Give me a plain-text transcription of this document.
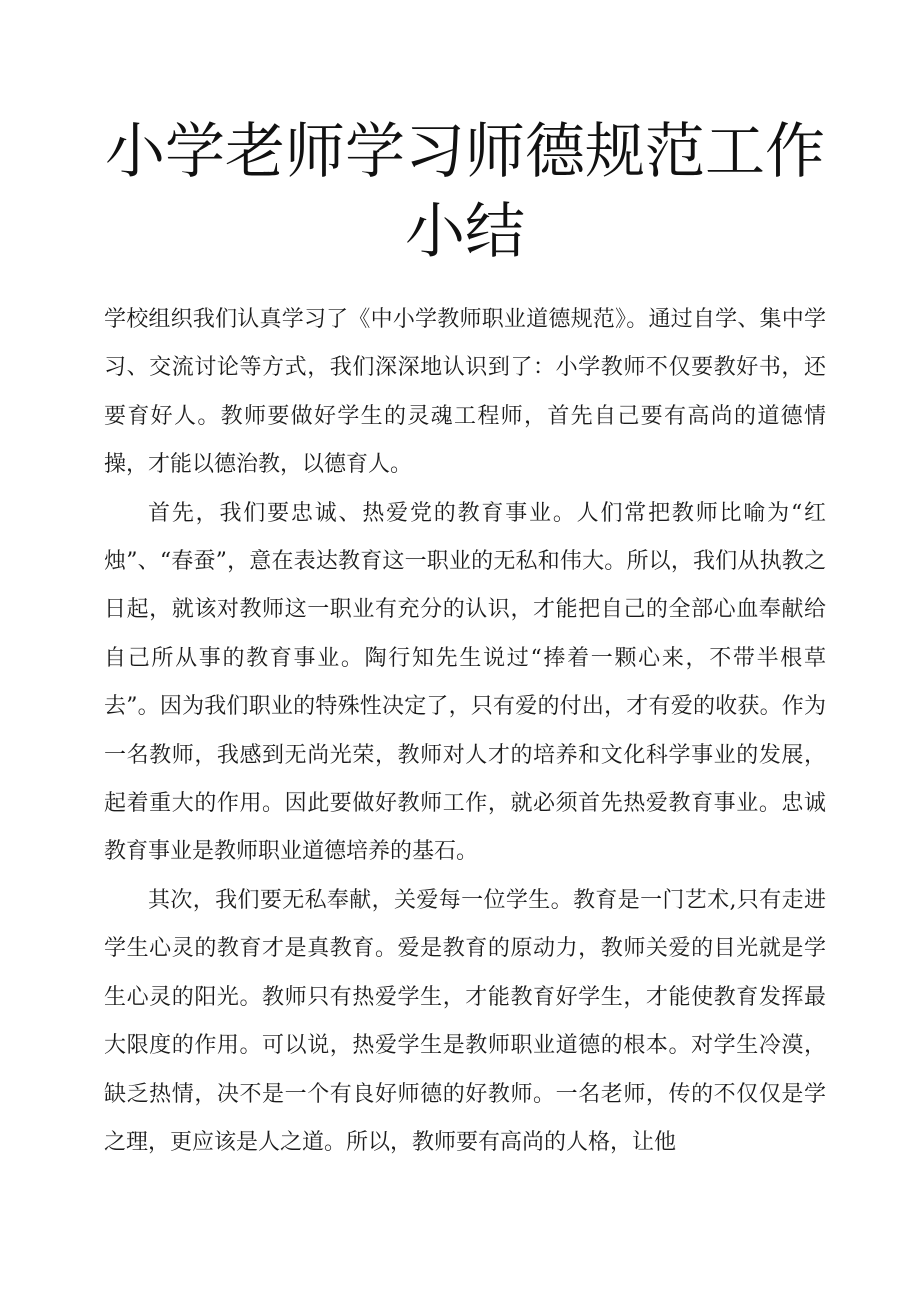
小学老师学习师德规范工作小结

学校组织我们认真学习了《中小学教师职业道德规范》。通过自学、集中学习、交流讨论等方式，我们深深地认识到了：小学教师不仅要教好书，还要育好人。教师要做好学生的灵魂工程师，首先自己要有高尚的道德情操，才能以德治教，以德育人。

首先，我们要忠诚、热爱党的教育事业。人们常把教师比喻为“红烛”、“春蚕”，意在表达教育这一职业的无私和伟大。所以，我们从执教之日起，就该对教师这一职业有充分的认识，才能把自己的全部心血奉献给自己所从事的教育事业。陶行知先生说过“捧着一颗心来，不带半根草去”。因为我们职业的特殊性决定了，只有爱的付出，才有爱的收获。作为一名教师，我感到无尚光荣，教师对人才的培养和文化科学事业的发展，起着重大的作用。因此要做好教师工作，就必须首先热爱教育事业。忠诚教育事业是教师职业道德培养的基石。

其次，我们要无私奉献，关爱每一位学生。教育是一门艺术,只有走进学生心灵的教育才是真教育。爱是教育的原动力，教师关爱的目光就是学生心灵的阳光。教师只有热爱学生，才能教育好学生，才能使教育发挥最大限度的作用。可以说，热爱学生是教师职业道德的根本。对学生冷漠，缺乏热情，决不是一个有良好师德的好教师。一名老师，传的不仅仅是学之理，更应该是人之道。所以，教师要有高尚的人格，让他
